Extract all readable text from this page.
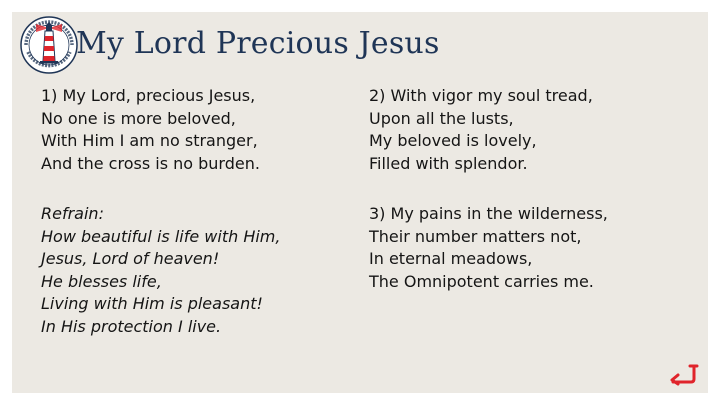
My Lord Precious Jesus
1) My Lord, precious Jesus,
No one is more beloved,
With Him I am no stranger,
And the cross is no burden.
2) With vigor my soul tread,
Upon all the lusts,
My beloved is lovely,
Filled with splendor.
Refrain:
How beautiful is life with Him,
Jesus, Lord of heaven!
He blesses life,
Living with Him is pleasant!
In His protection I live.
3) My pains in the wilderness,
Their number matters not,
In eternal meadows,
The Omnipotent carries me.
